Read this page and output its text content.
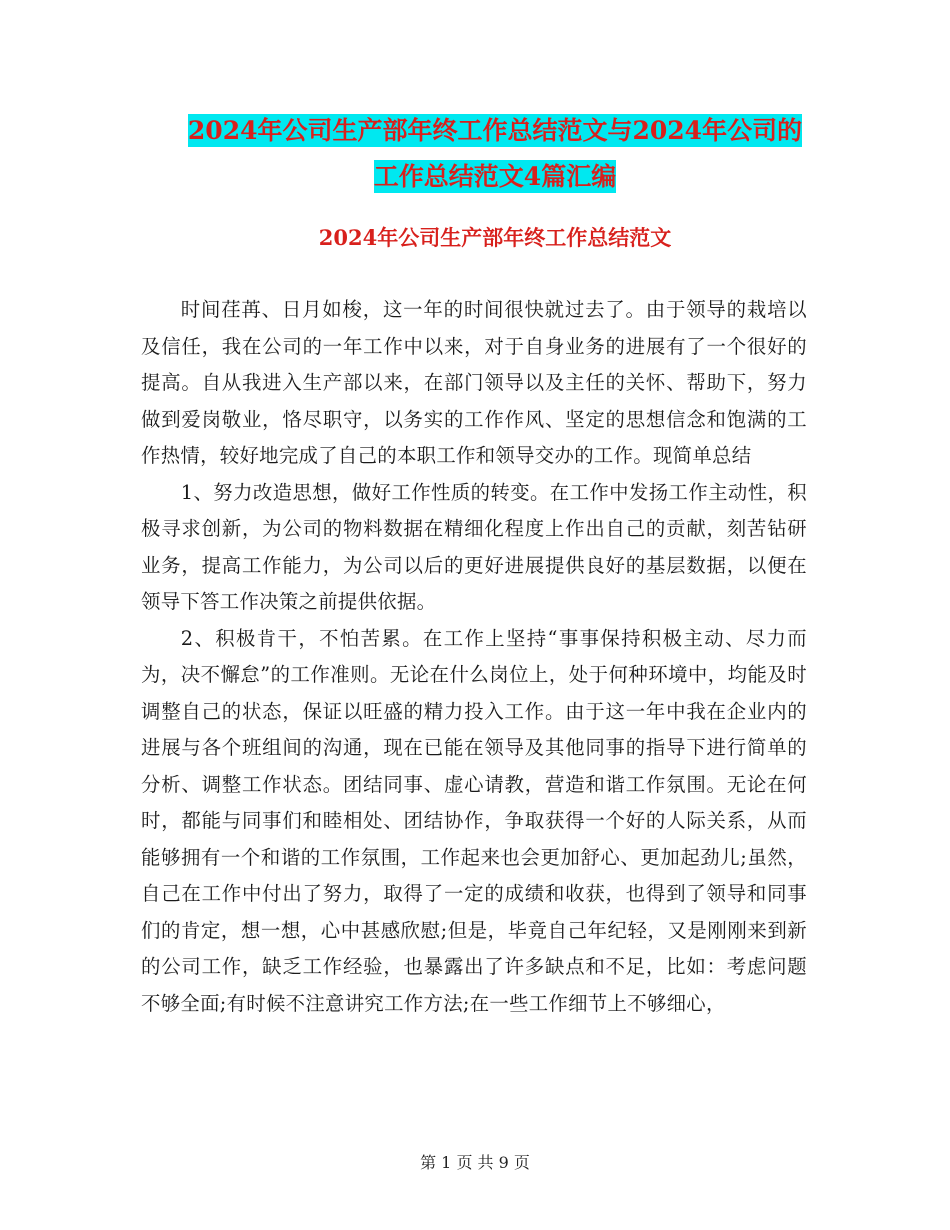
2024年公司生产部年终工作总结范文与2024年公司的
工作总结范文4篇汇编
2024年公司生产部年终工作总结范文

时间荏苒、日月如梭，这一年的时间很快就过去了。由于领导的栽培以及信任，我在公司的一年工作中以来，对于自身业务的进展有了一个很好的提高。自从我进入生产部以来，在部门领导以及主任的关怀、帮助下，努力做到爱岗敬业，恪尽职守，以务实的工作作风、坚定的思想信念和饱满的工作热情，较好地完成了自己的本职工作和领导交办的工作。现简单总结

1、努力改造思想，做好工作性质的转变。在工作中发扬工作主动性，积极寻求创新，为公司的物料数据在精细化程度上作出自己的贡献，刻苦钻研业务，提高工作能力，为公司以后的更好进展提供良好的基层数据，以便在领导下答工作决策之前提供依据。

2、积极肯干，不怕苦累。在工作上坚持“事事保持积极主动、尽力而为，决不懈怠”的工作准则。无论在什么岗位上，处于何种环境中，均能及时调整自己的状态，保证以旺盛的精力投入工作。由于这一年中我在企业内的进展与各个班组间的沟通，现在已能在领导及其他同事的指导下进行简单的分析、调整工作状态。团结同事、虚心请教，营造和谐工作氛围。无论在何时，都能与同事们和睦相处、团结协作，争取获得一个好的人际关系，从而能够拥有一个和谐的工作氛围，工作起来也会更加舒心、更加起劲儿;虽然，自己在工作中付出了努力，取得了一定的成绩和收获，也得到了领导和同事们的肯定，想一想，心中甚感欣慰;但是，毕竟自己年纪轻，又是刚刚来到新的公司工作，缺乏工作经验，也暴露出了许多缺点和不足，比如：考虑问题不够全面;有时候不注意讲究工作方法;在一些工作细节上不够细心，

第 1 页 共 9 页
